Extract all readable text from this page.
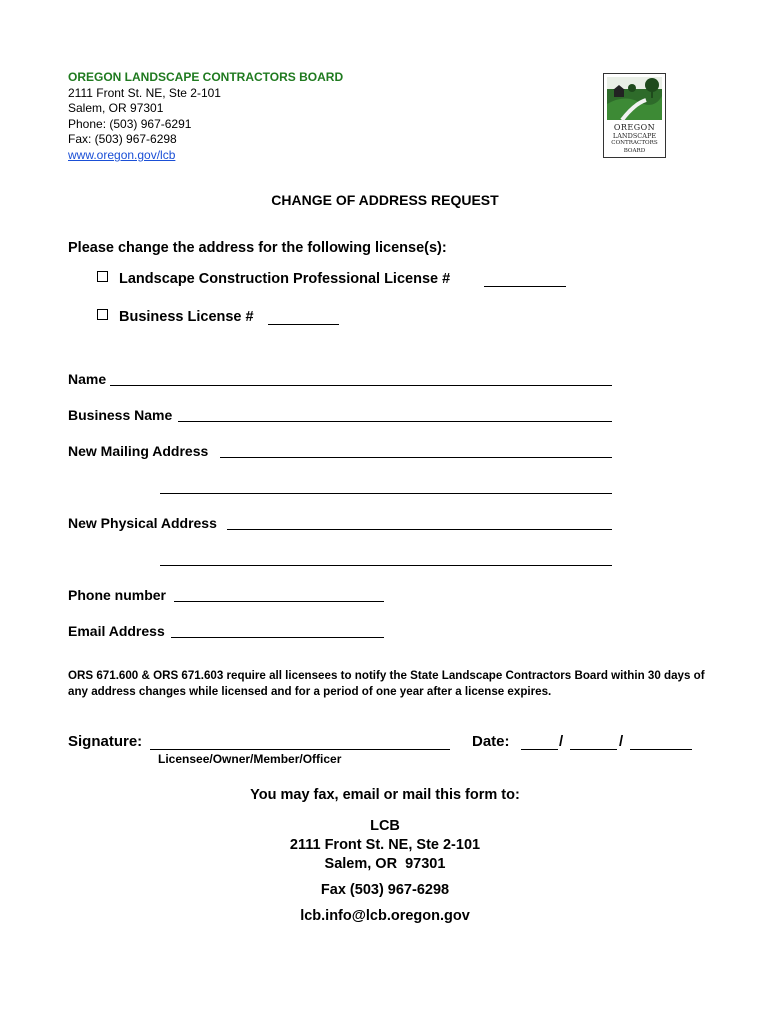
OREGON LANDSCAPE CONTRACTORS BOARD
2111 Front St. NE, Ste 2-101
Salem, OR 97301
Phone: (503) 967-6291
Fax: (503) 967-6298
www.oregon.gov/lcb
OREGON
LANDSCAPE
CONTRACTORS
BOARD
CHANGE OF ADDRESS REQUEST
Please change the address for the following license(s):
Landscape Construction Professional License #
Business License #
Name
Business Name
New Mailing Address
New Physical Address
Phone number
Email Address
ORS 671.600 & ORS 671.603 require all licensees to notify the State Landscape Contractors Board within 30 days of any address changes while licensed and for a period of one year after a license expires.
Signature:
Licensee/Owner/Member/Officer
Date:	/	/
You may fax, email or mail this form to:
LCB
2111 Front St. NE, Ste 2-101
Salem, OR  97301
Fax (503) 967-6298
lcb.info@lcb.oregon.gov
